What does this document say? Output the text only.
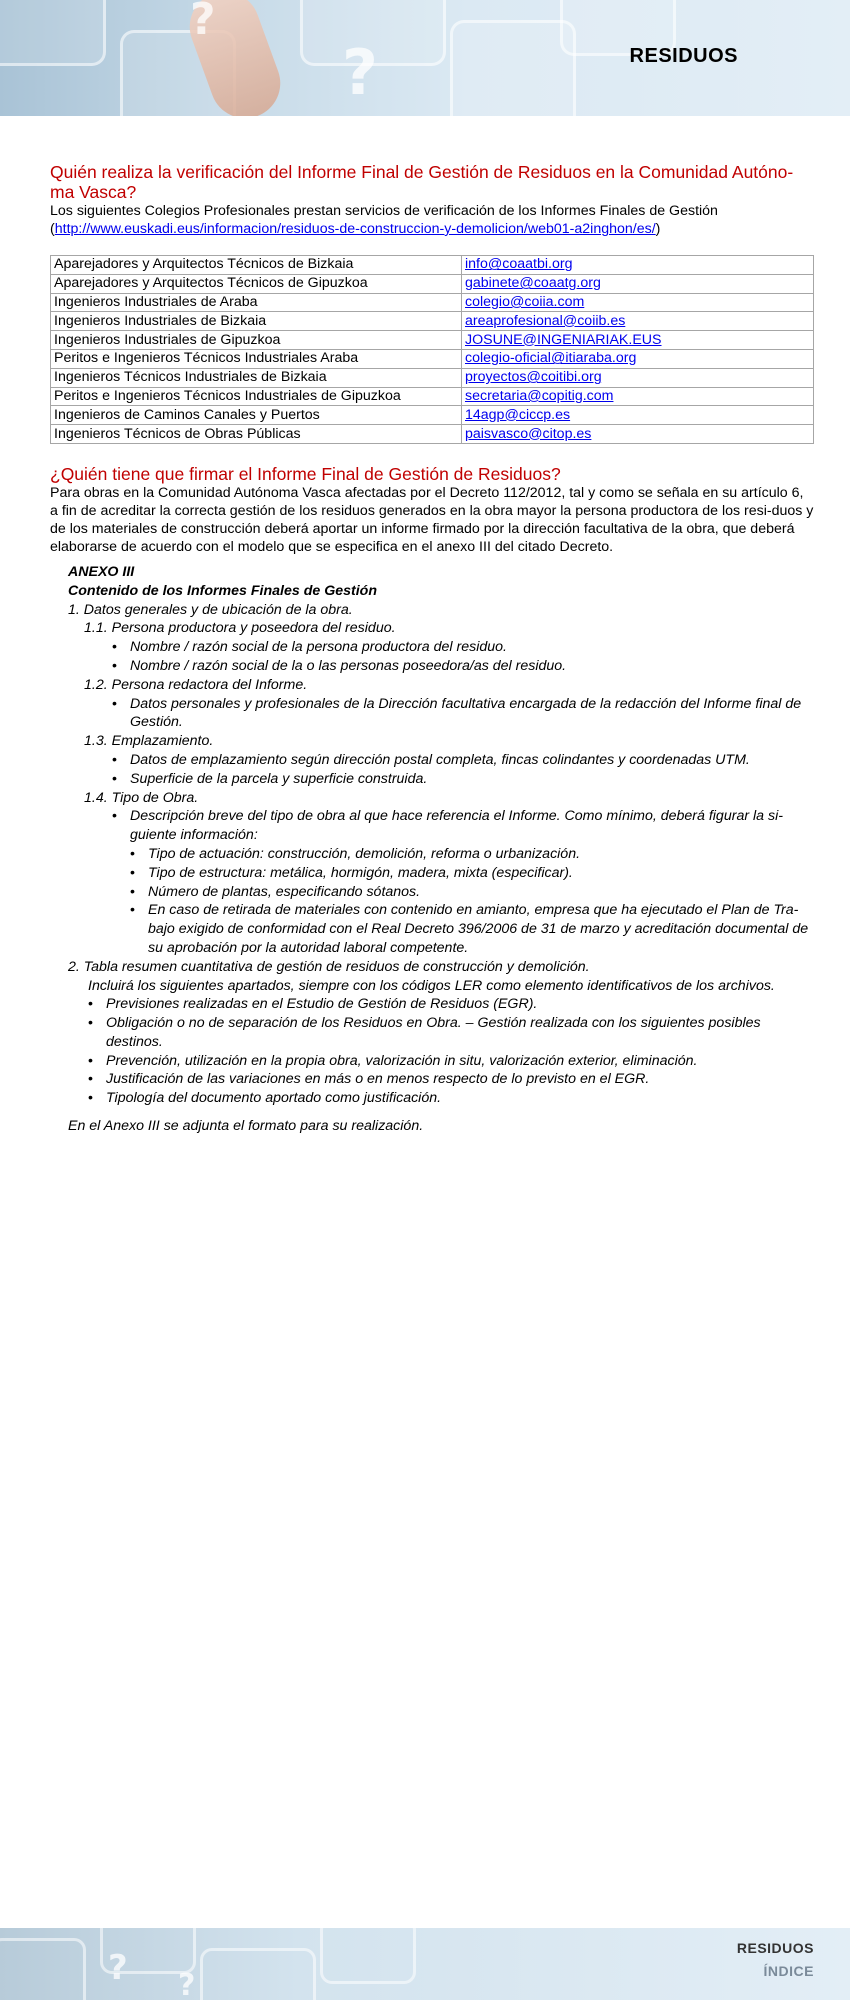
?
?	RESIDUOS
Quién realiza la verificación del Informe Final de Gestión de Residuos en la Comunidad Autóno-ma Vasca?

Los siguientes Colegios Profesionales prestan servicios de verificación de los Informes Finales de Gestión
(http://www.euskadi.eus/informacion/residuos-de-construccion-y-demolicion/web01-a2inghon/es/)

Aparejadores y Arquitectos Técnicos de Bizkaia	info@coaatbi.org
Aparejadores y Arquitectos Técnicos de Gipuzkoa	gabinete@coaatg.org
Ingenieros Industriales de Araba	colegio@coiia.com
Ingenieros Industriales de Bizkaia	areaprofesional@coiib.es
Ingenieros Industriales de Gipuzkoa	JOSUNE@INGENIARIAK.EUS
Peritos e Ingenieros Técnicos Industriales Araba	colegio-oficial@itiaraba.org
Ingenieros Técnicos Industriales de Bizkaia	proyectos@coitibi.org
Peritos e Ingenieros Técnicos Industriales de Gipuzkoa	secretaria@copitig.com
Ingenieros de Caminos Canales y Puertos	14agp@ciccp.es
Ingenieros Técnicos de Obras Públicas	paisvasco@citop.es
¿Quién tiene que firmar el Informe Final de Gestión de Residuos?

Para obras en la Comunidad Autónoma Vasca afectadas por el Decreto 112/2012, tal y como se señala en su artículo 6, a fin de acreditar la correcta gestión de los residuos generados en la obra mayor la persona productora de los resi-duos y de los materiales de construcción deberá aportar un informe firmado por la dirección facultativa de la obra, que deberá elaborarse de acuerdo con el modelo que se especifica en el anexo III del citado Decreto.

ANEXO III
Contenido de los Informes Finales de Gestión
1. Datos generales y de ubicación de la obra.
1.1. Persona productora y poseedora del residuo.
• Nombre / razón social de la persona productora del residuo.
• Nombre / razón social de la o las personas poseedora/as del residuo.
1.2. Persona redactora del Informe.
• Datos personales y profesionales de la Dirección facultativa encargada de la redacción del Informe final de Gestión.
1.3. Emplazamiento.
• Datos de emplazamiento según dirección postal completa, fincas colindantes y coordenadas UTM.
• Superficie de la parcela y superficie construida.
1.4. Tipo de Obra.
• Descripción breve del tipo de obra al que hace referencia el Informe. Como mínimo, deberá figurar la si-guiente información:
• Tipo de actuación: construcción, demolición, reforma o urbanización.
• Tipo de estructura: metálica, hormigón, madera, mixta (especificar).
• Número de plantas, especificando sótanos.
• En caso de retirada de materiales con contenido en amianto, empresa que ha ejecutado el Plan de Tra-bajo exigido de conformidad con el Real Decreto 396/2006 de 31 de marzo y acreditación documental de su aprobación por la autoridad laboral competente.
2. Tabla resumen cuantitativa de gestión de residuos de construcción y demolición.
Incluirá los siguientes apartados, siempre con los códigos LER como elemento identificativos de los archivos.
• Previsiones realizadas en el Estudio de Gestión de Residuos (EGR).
• Obligación o no de separación de los Residuos en Obra. – Gestión realizada con los siguientes posibles destinos.
• Prevención, utilización en la propia obra, valorización in situ, valorización exterior, eliminación.
• Justificación de las variaciones en más o en menos respecto de lo previsto en el EGR.
• Tipología del documento aportado como justificación.
En el Anexo III se adjunta el formato para su realización.
? ?
RESIDUOS
ÍNDICE
